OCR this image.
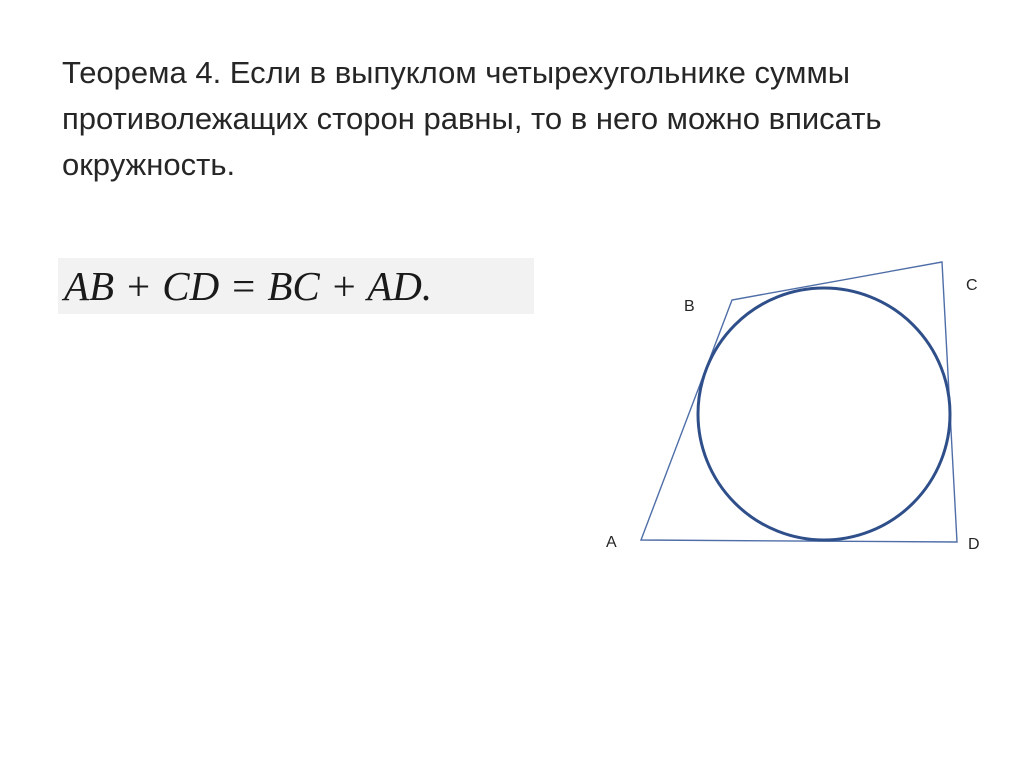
Теорема 4. Если в выпуклом четырехугольнике суммы противолежащих сторон равны, то в него можно вписать окружность.

AB + CD = BC + AD.
A
B
C
D
